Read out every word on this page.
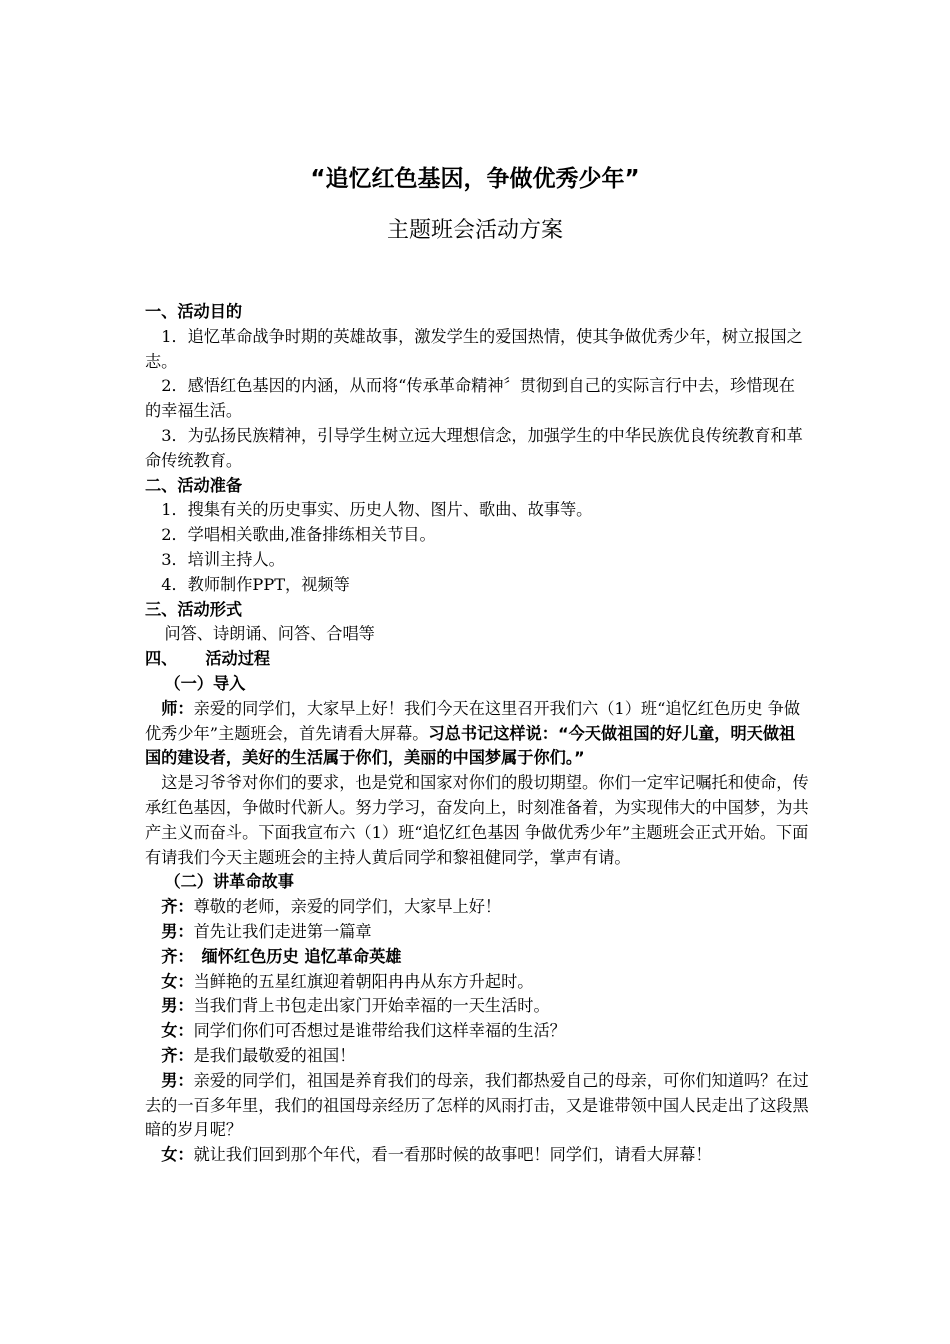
“追忆红色基因，争做优秀少年”
主题班会活动方案

一、活动目的

1．追忆革命战争时期的英雄故事，激发学生的爱国热情，使其争做优秀少年，树立报国之志。

2．感悟红色基因的内涵，从而将“传承革命精神〞贯彻到自己的实际言行中去，珍惜现在的幸福生活。

3．为弘扬民族精神，引导学生树立远大理想信念，加强学生的中华民族优良传统教育和革命传统教育。

二、活动准备

1．搜集有关的历史事实、历史人物、图片、歌曲、故事等。

2．学唱相关歌曲,准备排练相关节目。

3．培训主持人。

4．教师制作PPT，视频等

三、活动形式

问答、诗朗诵、问答、合唱等

四、 活动过程

（一）导入

师：亲爱的同学们，大家早上好！我们今天在这里召开我们六（1）班“追忆红色历史 争做优秀少年”主题班会，首先请看大屏幕。习总书记这样说：“今天做祖国的好儿童，明天做祖国的建设者，美好的生活属于你们，美丽的中国梦属于你们。”

这是习爷爷对你们的要求，也是党和国家对你们的殷切期望。你们一定牢记嘱托和使命，传承红色基因，争做时代新人。努力学习，奋发向上，时刻准备着，为实现伟大的中国梦，为共产主义而奋斗。下面我宣布六（1）班“追忆红色基因 争做优秀少年”主题班会正式开始。下面有请我们今天主题班会的主持人黄后同学和黎祖健同学，掌声有请。

（二）讲革命故事

齐：尊敬的老师，亲爱的同学们，大家早上好！

男：首先让我们走进第一篇章

齐： 缅怀红色历史 追忆革命英雄

女：当鲜艳的五星红旗迎着朝阳冉冉从东方升起时。

男：当我们背上书包走出家门开始幸福的一天生活时。

女：同学们你们可否想过是谁带给我们这样幸福的生活？

齐：是我们最敬爱的祖国！

男：亲爱的同学们，祖国是养育我们的母亲，我们都热爱自己的母亲，可你们知道吗？在过去的一百多年里，我们的祖国母亲经历了怎样的风雨打击，又是谁带领中国人民走出了这段黑暗的岁月呢？

女：就让我们回到那个年代，看一看那时候的故事吧！同学们，请看大屏幕！
